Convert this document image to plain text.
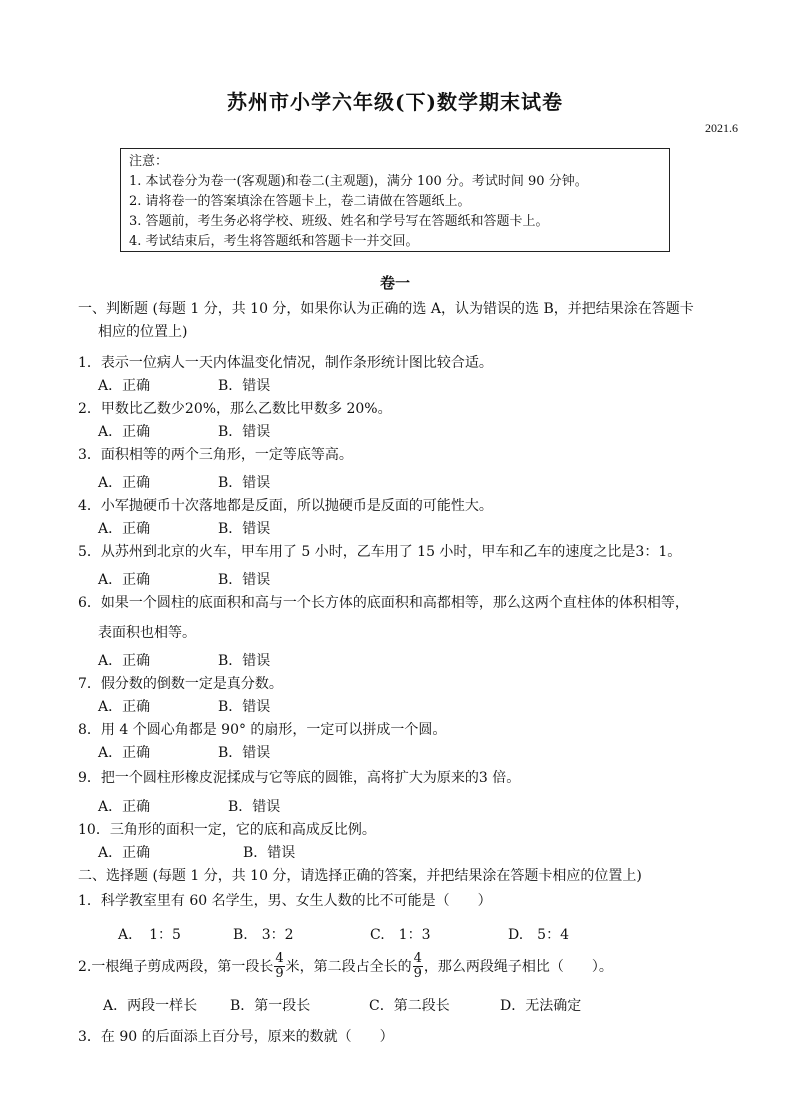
苏州市小学六年级(下)数学期末试卷
2021.6
注意：
1. 本试卷分为卷一(客观题)和卷二(主观题)，满分 100 分。考试时间 90 分钟。
2. 请将卷一的答案填涂在答题卡上，卷二请做在答题纸上。
3. 答题前，考生务必将学校、班级、姓名和学号写在答题纸和答题卡上。
4. 考试结束后，考生将答题纸和答题卡一并交回。
卷一
一、判断题 (每题 1 分，共 10 分，如果你认为正确的选 A，认为错误的选 B，并把结果涂在答题卡
相应的位置上)
1．表示一位病人一天内体温变化情况，制作条形统计图比较合适。
A．正确	B．错误
2．甲数比乙数少20%，那么乙数比甲数多 20%。
A．正确	B．错误
3．面积相等的两个三角形，一定等底等高。
A．正确	B．错误
4．小军抛硬币十次落地都是反面，所以抛硬币是反面的可能性大。
A．正确	B．错误
5．从苏州到北京的火车，甲车用了 5 小时，乙车用了 15 小时，甲车和乙车的速度之比是3：1。
A．正确	B．错误
6．如果一个圆柱的底面积和高与一个长方体的底面积和高都相等，那么这两个直柱体的体积相等，
表面积也相等。
A．正确	B．错误
7．假分数的倒数一定是真分数。
A．正确	B．错误
8．用 4 个圆心角都是 90° 的扇形，一定可以拼成一个圆。
A．正确	B．错误
9．把一个圆柱形橡皮泥揉成与它等底的圆锥，高将扩大为原来的3 倍。
A．正确	B．错误
10．三角形的面积一定，它的底和高成反比例。
A．正确	B．错误
二、选择题 (每题 1 分，共 10 分，请选择正确的答案，并把结果涂在答题卡相应的位置上)
1．科学教室里有 60 名学生，男、女生人数的比不可能是（　　）
A．　1：5	B.　3：2	C.　1：3	D.　5：4
2.一根绳子剪成两段，第一段长 $\frac{4}{9}$ 米，第二段占全长的 $\frac{4}{9}$ ，那么两段绳子相比（　　）。
A．两段一样长 B．第一段长	C．第二段长	D．无法确定
3．在 90 的后面添上百分号，原来的数就（　　）
